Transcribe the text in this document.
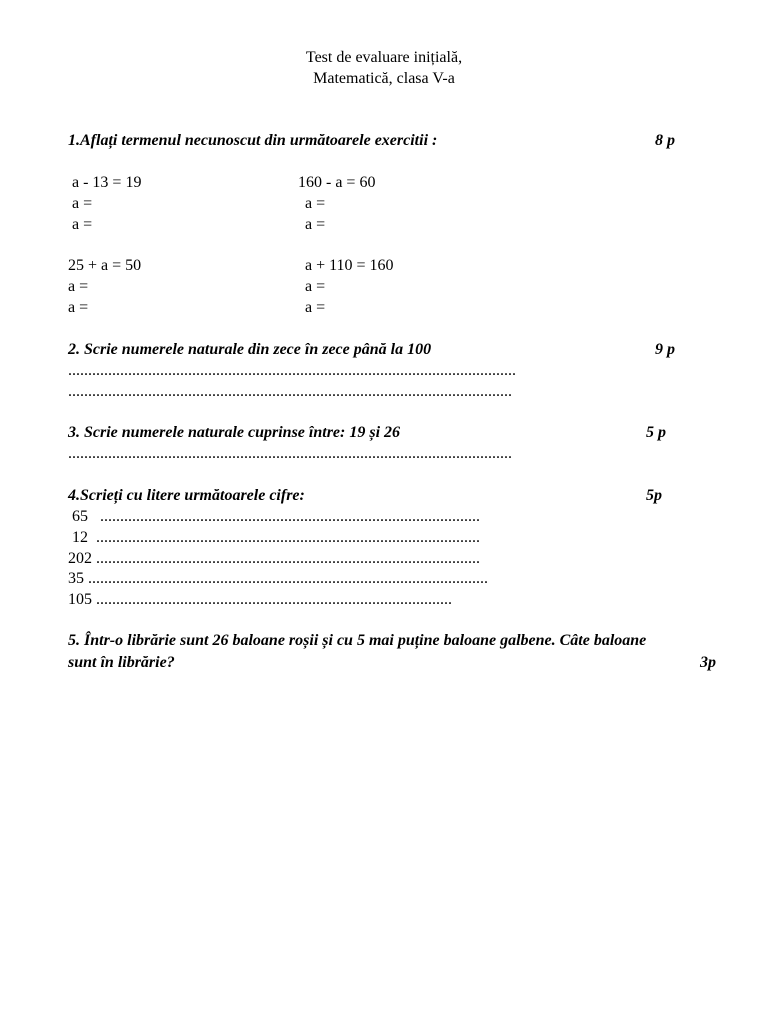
Test de evaluare inițială,
Matematică, clasa V-a
1.Aflați termenul necunoscut din următoarele exercitii :	8 p
a - 13 = 19
a =
a =
160 - a = 60
a =
a =
25 + a = 50
a =
a =
a + 110 = 160
a =
a =
2. Scrie numerele naturale din zece în zece până la 100	9 p
................................................................................................................
...............................................................................................................
3. Scrie numerele naturale cuprinse între: 19 și 26	5 p
...............................................................................................................
4.Scrieți cu litere următoarele cifre:	5p
65   ...............................................................................................
12  ................................................................................................
202 ................................................................................................
35 ....................................................................................................
105 .........................................................................................
5. Într-o librărie sunt 26 baloane roșii și cu 5 mai puține baloane galbene. Câte baloane
sunt în librărie?	3p
